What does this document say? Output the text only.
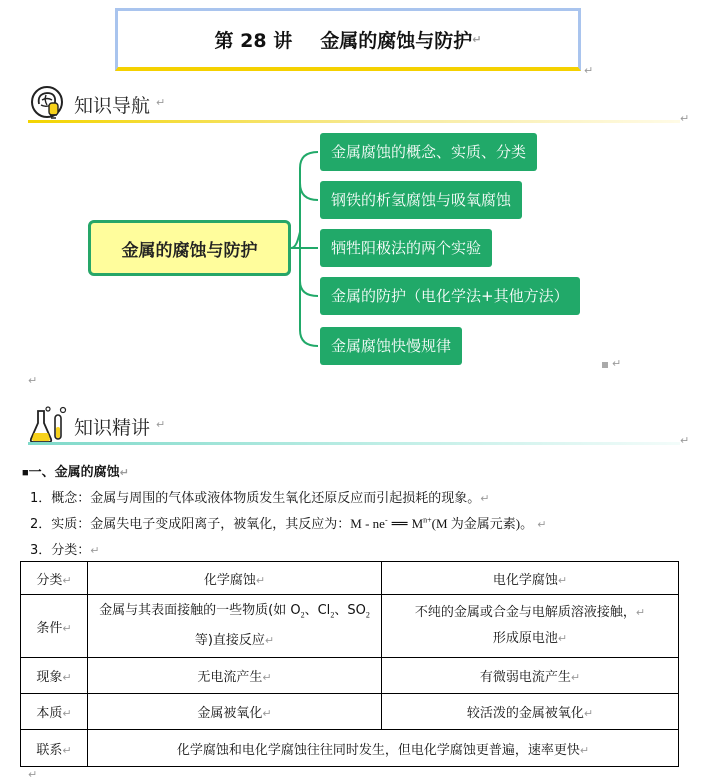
第 28 讲 金属的腐蚀与防护 ↵
↵
知识导航 ↵
↵
金属的腐蚀与防护
金属腐蚀的概念、实质、分类
钢铁的析氢腐蚀与吸氧腐蚀
牺牲阳极法的两个实验
金属的防护（电化学法+其他方法）
金属腐蚀快慢规律
↵
↵
知识精讲 ↵
↵
■一、金属的腐蚀↵
1．概念：金属与周围的气体或液体物质发生氧化还原反应而引起损耗的现象。↵
2．实质：金属失电子变成阳离子，被氧化，其反应为：M - ne- ══ $M^{n+}(M$ 为金属元素)。 ↵
3．分类：↵
分类↵	化学腐蚀↵	电化学腐蚀↵
条件↵	金属与其表面接触的一些物质(如 $O_2$、$Cl_2$、$SO_2$
等)直接反应↵	不纯的金属或合金与电解质溶液接触，↵
形成原电池↵
现象↵	无电流产生↵	有微弱电流产生↵
本质↵	金属被氧化↵	较活泼的金属被氧化↵
联系↵	化学腐蚀和电化学腐蚀往往同时发生，但电化学腐蚀更普遍，速率更快↵	
↵
